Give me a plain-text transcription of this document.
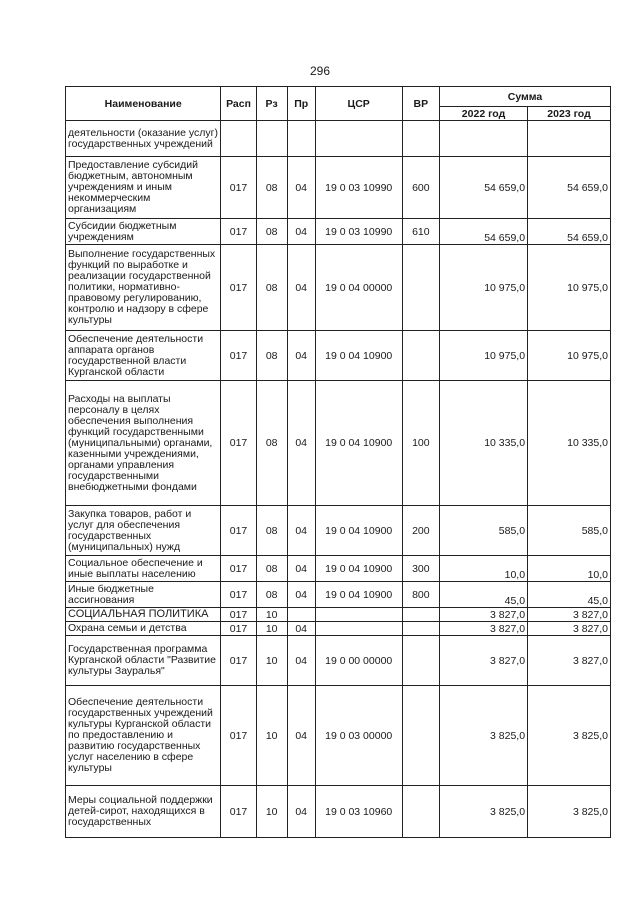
296
Наименование	Расп	Рз	Пр	ЦСР	ВР	Сумма	
						2022 год	2023 год
деятельности (оказание услуг) государственных учреждений							
Предоставление субсидий бюджетным, автономным учреждениям и иным некоммерческим организациям	017	08	04	19 0 03 10990	600	54 659,0	54 659,0
Субсидии бюджетным учреждениям	017	08	04	19 0 03 10990	610	54 659,0	54 659,0
Выполнение государственных функций по выработке и реализации государственной политики, нормативно-правовому регулированию, контролю и надзору в сфере культуры	017	08	04	19 0 04 00000		10 975,0	10 975,0
Обеспечение деятельности аппарата органов государственной власти Курганской области	017	08	04	19 0 04 10900		10 975,0	10 975,0
Расходы на выплаты персоналу в целях обеспечения выполнения функций государственными (муниципальными) органами, казенными учреждениями, органами управления государственными внебюджетными фондами	017	08	04	19 0 04 10900	100	10 335,0	10 335,0
Закупка товаров, работ и услуг для обеспечения государственных (муниципальных) нужд	017	08	04	19 0 04 10900	200	585,0	585,0
Социальное обеспечение и иные выплаты населению	017	08	04	19 0 04 10900	300	10,0	10,0
Иные бюджетные ассигнования	017	08	04	19 0 04 10900	800	45,0	45,0
СОЦИАЛЬНАЯ ПОЛИТИКА	017	10				3 827,0	3 827,0
Охрана семьи и детства	017	10	04			3 827,0	3 827,0
Государственная программа Курганской области "Развитие культуры Зауралья"	017	10	04	19 0 00 00000		3 827,0	3 827,0
Обеспечение деятельности государственных учреждений культуры Курганской области по предоставлению и развитию государственных услуг населению в сфере культуры	017	10	04	19 0 03 00000		3 825,0	3 825,0
Меры социальной поддержки детей-сирот, находящихся в государственных	017	10	04	19 0 03 10960		3 825,0	3 825,0
